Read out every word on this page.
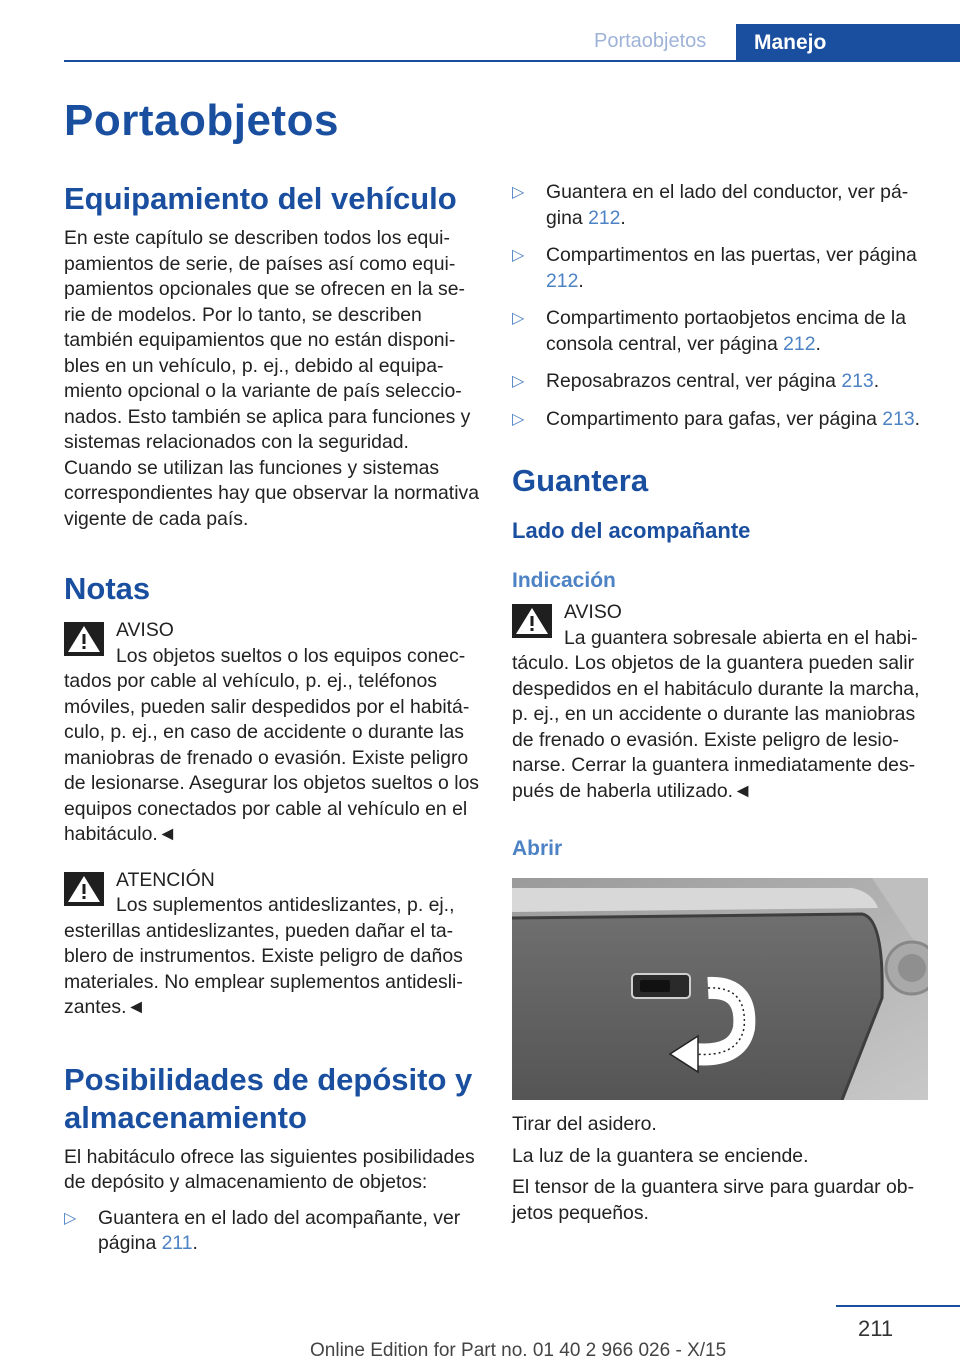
Portaobjetos	Manejo
Portaobjetos
Equipamiento del vehículo

En este capítulo se describen todos los equipamientos de serie, de países así como equipamientos opcionales que se ofrecen en la serie de modelos. Por lo tanto, se describen también equipamientos que no están disponibles en un vehículo, p. ej., debido al equipamiento opcional o la variante de país seleccionados. Esto también se aplica para funciones y sistemas relacionados con la seguridad.

Cuando se utilizan las funciones y sistemas correspondientes hay que observar la normativa vigente de cada país.

Notas
AVISO

Los objetos sueltos o los equipos conectados por cable al vehículo, p. ej., teléfonos móviles, pueden salir despedidos por el habitáculo, p. ej., en caso de accidente o durante las maniobras de frenado o evasión. Existe peligro de lesionarse. Asegurar los objetos sueltos o los equipos conectados por cable al vehículo en el habitáculo.◄

ATENCIÓN

Los suplementos antideslizantes, p. ej., esterillas antideslizantes, pueden dañar el tablero de instrumentos. Existe peligro de daños materiales. No emplear suplementos antideslizantes.◄

Posibilidades de depósito y almacenamiento

El habitáculo ofrece las siguientes posibilidades de depósito y almacenamiento de objetos:

▷ Guantera en el lado del acompañante, ver página 211.
▷ Guantera en el lado del conductor, ver página 212.
▷ Compartimentos en las puertas, ver página 212.
▷ Compartimento portaobjetos encima de la consola central, ver página 212.
▷ Reposabrazos central, ver página 213.
▷ Compartimento para gafas, ver página 213.
Guantera
Lado del acompañante
Indicación
AVISO

La guantera sobresale abierta en el habitáculo. Los objetos de la guantera pueden salir despedidos en el habitáculo durante la marcha, p. ej., en un accidente o durante las maniobras de frenado o evasión. Existe peligro de lesionarse. Cerrar la guantera inmediatamente después de haberla utilizado.◄

Abrir

Tirar del asidero.

La luz de la guantera se enciende.

El tensor de la guantera sirve para guardar objetos pequeños.

211
Online Edition for Part no. 01 40 2 966 026 - X/15
